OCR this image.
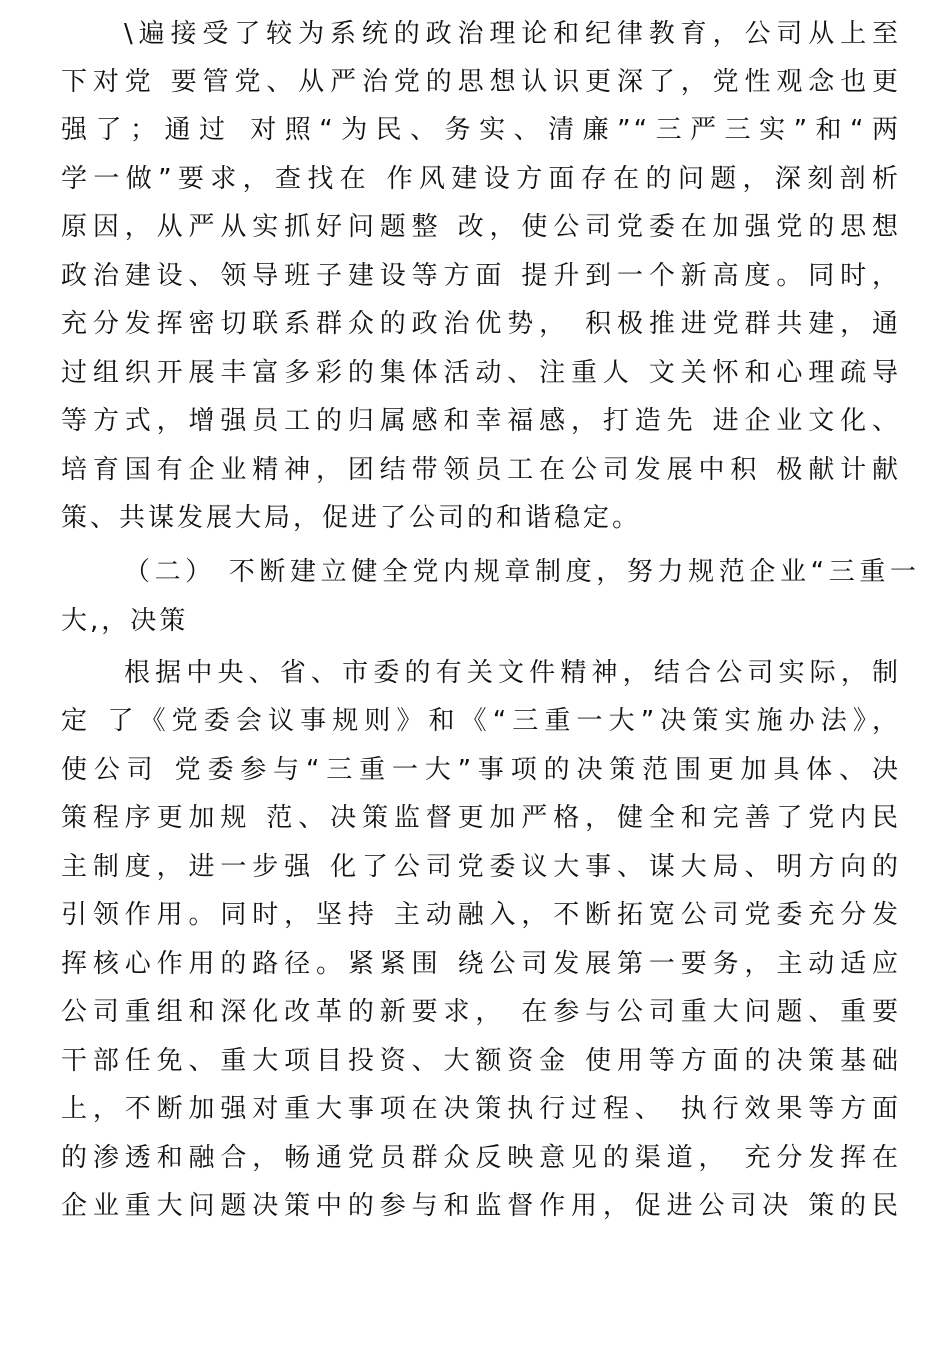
\遍接受了较为系统的政治理论和纪律教育，公司从上至
下对党 要管党、从严治党的思想认识更深了，党性观念也更
强了；通过 对照“为民、务实、清廉”“三严三实”和“两
学一做”要求，查找在 作风建设方面存在的问题，深刻剖析
原因，从严从实抓好问题整 改，使公司党委在加强党的思想
政治建设、领导班子建设等方面 提升到一个新高度。同时，
充分发挥密切联系群众的政治优势， 积极推进党群共建，通
过组织开展丰富多彩的集体活动、注重人 文关怀和心理疏导
等方式，增强员工的归属感和幸福感，打造先 进企业文化、
培育国有企业精神，团结带领员工在公司发展中积 极献计献
策、共谋发展大局，促进了公司的和谐稳定。
（二） 不断建立健全党内规章制度，努力规范企业“三重一
大,，决策
根据中央、省、市委的有关文件精神，结合公司实际，制
定 了《党委会议事规则》和《“三重一大”决策实施办法》，
使公司 党委参与“三重一大”事项的决策范围更加具体、决
策程序更加规 范、决策监督更加严格，健全和完善了党内民
主制度，进一步强 化了公司党委议大事、谋大局、明方向的
引领作用。同时，坚持 主动融入，不断拓宽公司党委充分发
挥核心作用的路径。紧紧围 绕公司发展第一要务，主动适应
公司重组和深化改革的新要求， 在参与公司重大问题、重要
干部任免、重大项目投资、大额资金 使用等方面的决策基础
上，不断加强对重大事项在决策执行过程、 执行效果等方面
的渗透和融合，畅通党员群众反映意见的渠道， 充分发挥在
企业重大问题决策中的参与和监督作用，促进公司决 策的民
